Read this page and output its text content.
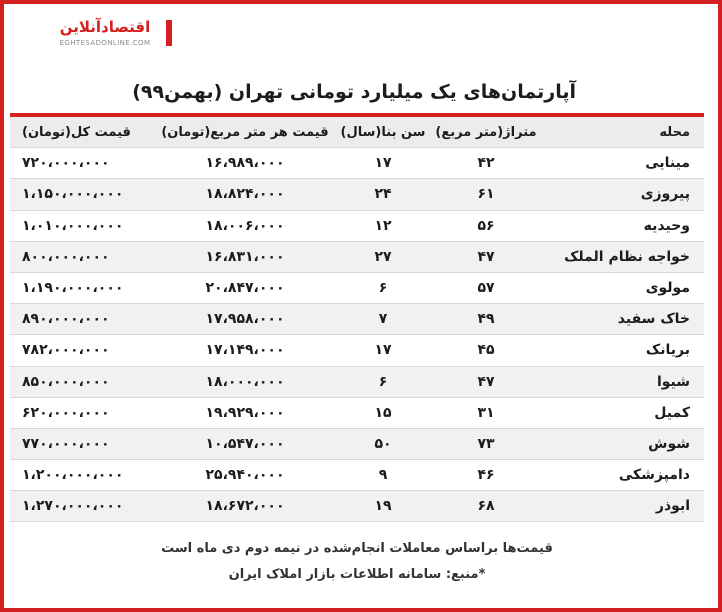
اقتصادآنلاین
EGHTESADONLINE.COM
آپارتمان‌های یک میلیارد تومانی تهران (بهمن۹۹)
محله	متراژ(متر مربع)	سن بنا(سال)	قیمت هر متر مربع(تومان)	قیمت کل(تومان)
مینایی	۴۲	۱۷	۱۶،۹۸۹،۰۰۰	۷۲۰،۰۰۰،۰۰۰
پیروزی	۶۱	۲۴	۱۸،۸۲۴،۰۰۰	۱،۱۵۰،۰۰۰،۰۰۰
وحیدیه	۵۶	۱۲	۱۸،۰۰۶،۰۰۰	۱،۰۱۰،۰۰۰،۰۰۰
خواجه نظام الملک	۴۷	۲۷	۱۶،۸۳۱،۰۰۰	۸۰۰،۰۰۰،۰۰۰
مولوی	۵۷	۶	۲۰،۸۴۷،۰۰۰	۱،۱۹۰،۰۰۰،۰۰۰
خاک سفید	۴۹	۷	۱۷،۹۵۸،۰۰۰	۸۹۰،۰۰۰،۰۰۰
بریانک	۴۵	۱۷	۱۷،۱۴۹،۰۰۰	۷۸۲،۰۰۰،۰۰۰
شیوا	۴۷	۶	۱۸،۰۰۰،۰۰۰	۸۵۰،۰۰۰،۰۰۰
کمیل	۳۱	۱۵	۱۹،۹۲۹،۰۰۰	۶۲۰،۰۰۰،۰۰۰
شوش	۷۳	۵۰	۱۰،۵۴۷،۰۰۰	۷۷۰،۰۰۰،۰۰۰
دامپزشکی	۴۶	۹	۲۵،۹۴۰،۰۰۰	۱،۲۰۰،۰۰۰،۰۰۰
ابوذر	۶۸	۱۹	۱۸،۶۷۲،۰۰۰	۱،۲۷۰،۰۰۰،۰۰۰
قیمت‌ها براساس معاملات انجام‌شده در نیمه دوم دی ماه است
*منبع: سامانه اطلاعات بازار املاک ایران
